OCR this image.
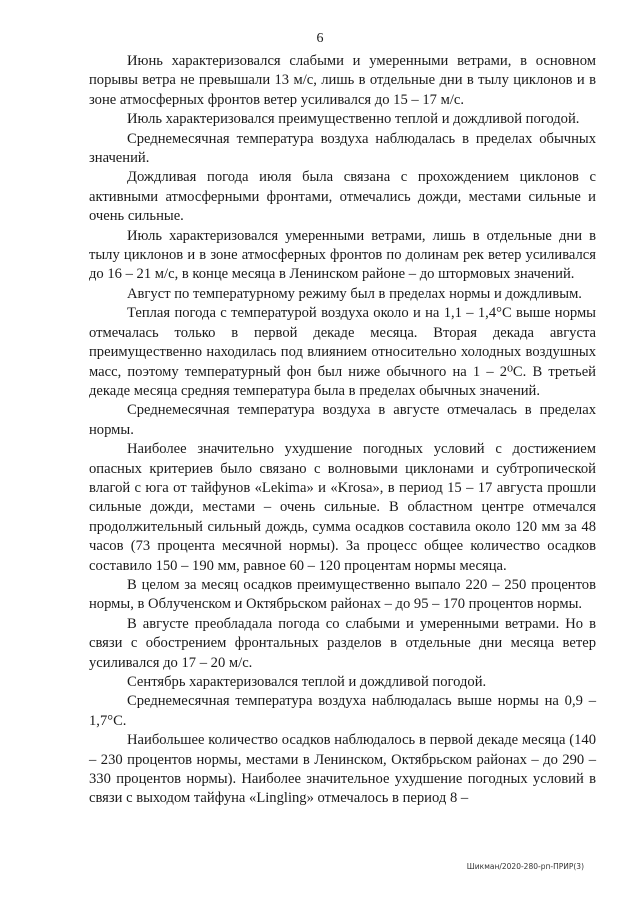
6

Июнь характеризовался слабыми и умеренными ветрами, в основном порывы ветра не превышали 13 м/с, лишь в отдельные дни в тылу циклонов и в зоне атмосферных фронтов ветер усиливался до 15 – 17 м/с.

Июль характеризовался преимущественно теплой и дождливой погодой.

Среднемесячная температура воздуха наблюдалась в пределах обычных значений.

Дождливая погода июля была связана с прохождением циклонов с активными атмосферными фронтами, отмечались дожди, местами сильные и очень сильные.

Июль характеризовался умеренными ветрами, лишь в отдельные дни в тылу циклонов и в зоне атмосферных фронтов по долинам рек ветер усиливался до 16 – 21 м/с, в конце месяца в Ленинском районе – до штормовых значений.

Август по температурному режиму был в пределах нормы и дождливым.

Теплая погода с температурой воздуха около и на 1,1 – 1,4°С выше нормы отмечалась только в первой декаде месяца. Вторая декада августа преимущественно находилась под влиянием относительно холодных воздушных масс, поэтому температурный фон был ниже обычного на 1 – 2⁰С. В третьей декаде месяца средняя температура была в пределах обычных значений.

Среднемесячная температура воздуха в августе отмечалась в пределах нормы.

Наиболее значительно ухудшение погодных условий с достижением опасных критериев было связано с волновыми циклонами и субтропической влагой с юга от тайфунов «Lekima» и «Krosa», в период 15 – 17 августа прошли сильные дожди, местами – очень сильные. В областном центре отмечался продолжительный сильный дождь, сумма осадков составила около 120 мм за 48 часов (73 процента месячной нормы). За процесс общее количество осадков составило 150 – 190 мм, равное 60 – 120 процентам нормы месяца.

В целом за месяц осадков преимущественно выпало 220 – 250 процентов нормы, в Облученском и Октябрьском районах – до 95 – 170 процентов нормы.

В августе преобладала погода со слабыми и умеренными ветрами. Но в связи с обострением фронтальных разделов в отдельные дни месяца ветер усиливался до 17 – 20 м/с.

Сентябрь характеризовался теплой и дождливой погодой.

Среднемесячная температура воздуха наблюдалась выше нормы на 0,9 – 1,7°С.

Наибольшее количество осадков наблюдалось в первой декаде месяца (140 – 230 процентов нормы, местами в Ленинском, Октябрьском районах – до 290 – 330 процентов нормы). Наиболее значительное ухудшение погодных условий в связи с выходом тайфуна «Lingling» отмечалось в период 8 –

Шикман/2020-280-рп-ПРИР(3)
